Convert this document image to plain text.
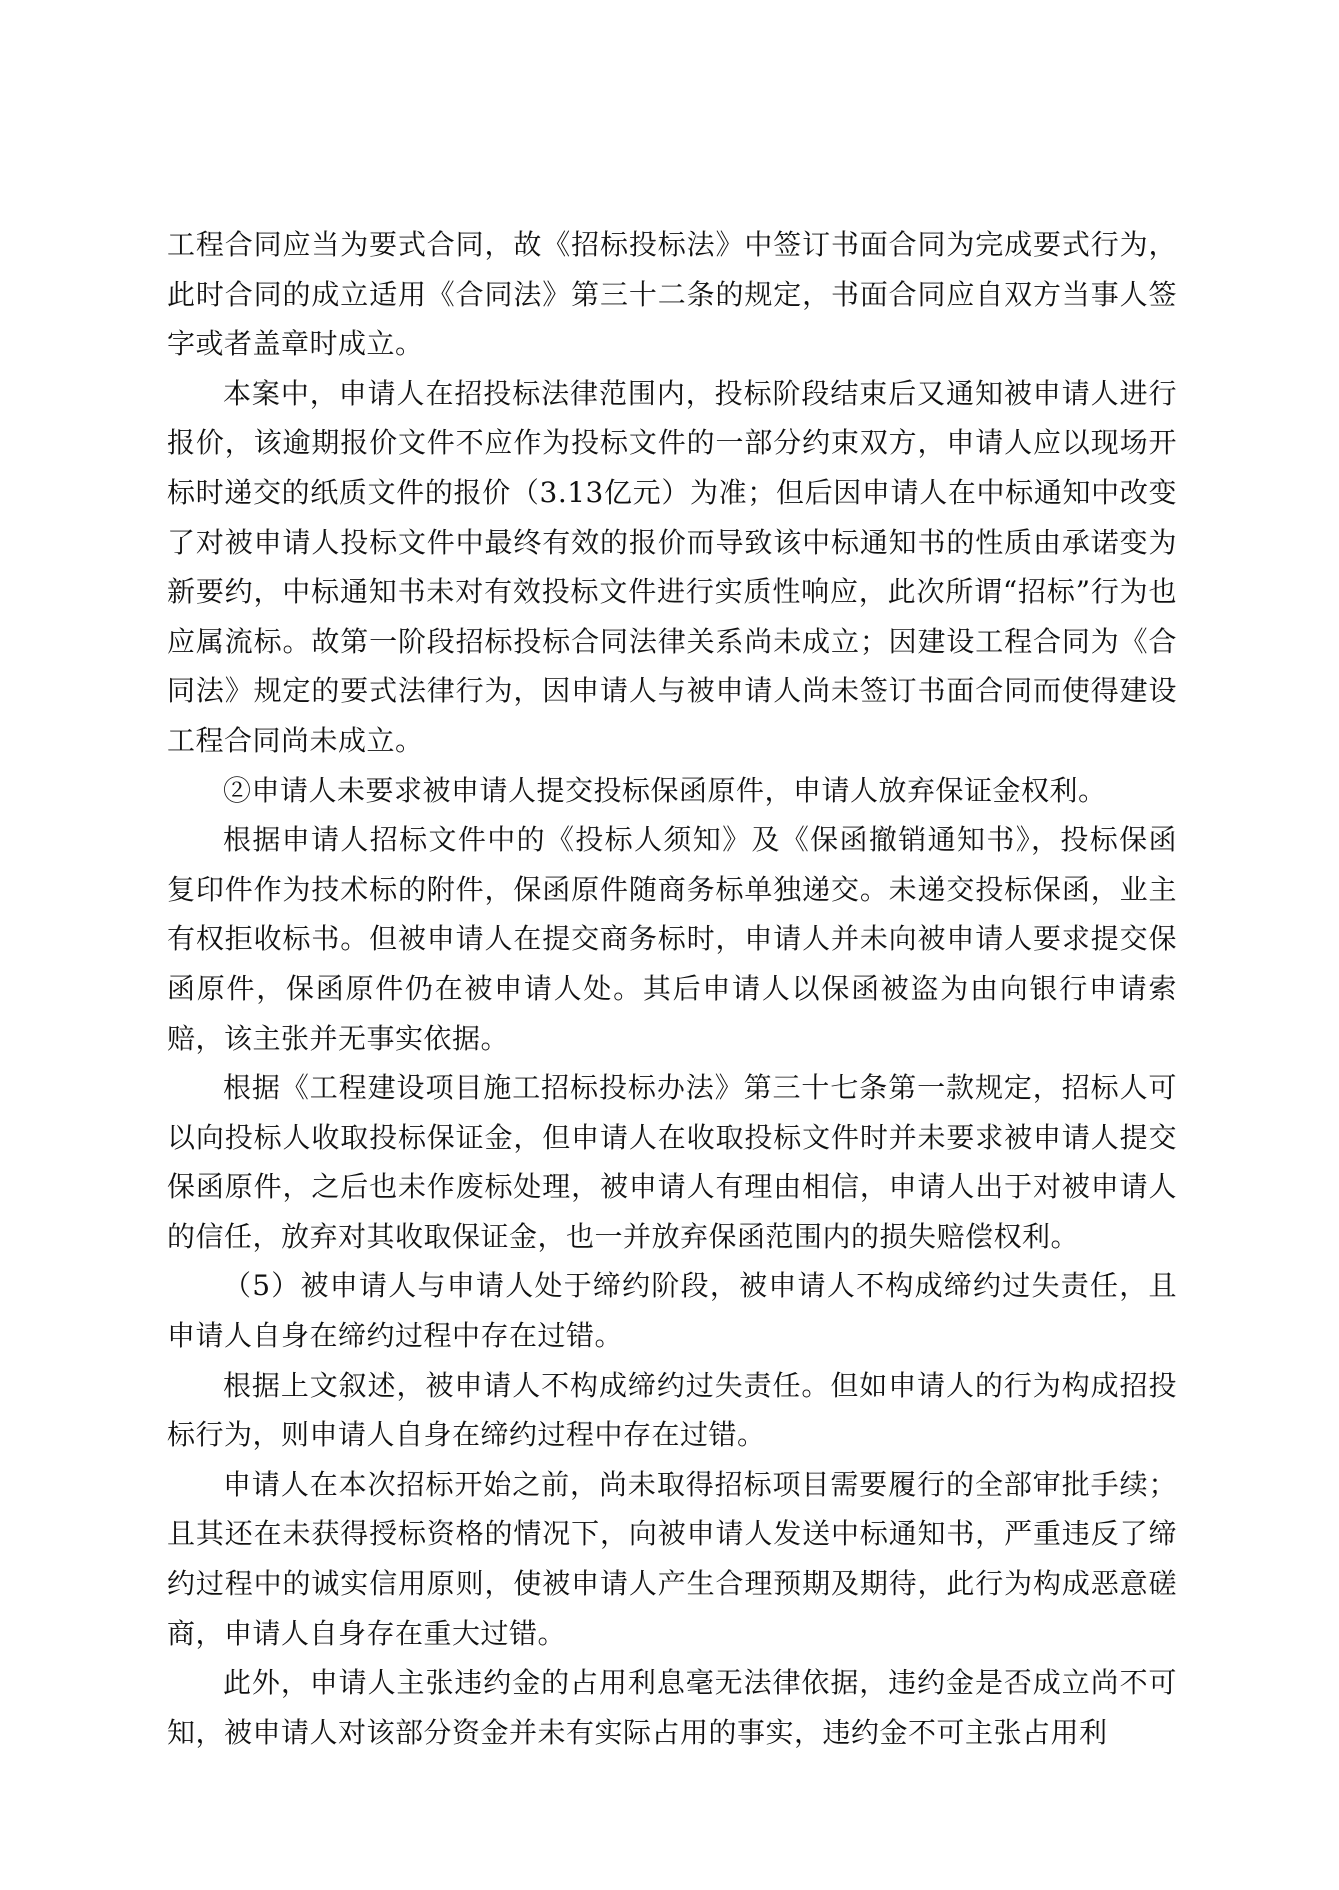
工程合同应当为要式合同，故《招标投标法》中签订书面合同为完成要式行为，此时合同的成立适用《合同法》第三十二条的规定，书面合同应自双方当事人签字或者盖章时成立。

本案中，申请人在招投标法律范围内，投标阶段结束后又通知被申请人进行报价，该逾期报价文件不应作为投标文件的一部分约束双方，申请人应以现场开标时递交的纸质文件的报价（3.13亿元）为准；但后因申请人在中标通知中改变了对被申请人投标文件中最终有效的报价而导致该中标通知书的性质由承诺变为新要约，中标通知书未对有效投标文件进行实质性响应，此次所谓“招标”行为也应属流标。故第一阶段招标投标合同法律关系尚未成立；因建设工程合同为《合同法》规定的要式法律行为，因申请人与被申请人尚未签订书面合同而使得建设工程合同尚未成立。

②申请人未要求被申请人提交投标保函原件，申请人放弃保证金权利。

根据申请人招标文件中的《投标人须知》及《保函撤销通知书》，投标保函复印件作为技术标的附件，保函原件随商务标单独递交。未递交投标保函，业主有权拒收标书。但被申请人在提交商务标时，申请人并未向被申请人要求提交保函原件，保函原件仍在被申请人处。其后申请人以保函被盗为由向银行申请索赔，该主张并无事实依据。

根据《工程建设项目施工招标投标办法》第三十七条第一款规定，招标人可以向投标人收取投标保证金，但申请人在收取投标文件时并未要求被申请人提交保函原件，之后也未作废标处理，被申请人有理由相信，申请人出于对被申请人的信任，放弃对其收取保证金，也一并放弃保函范围内的损失赔偿权利。

（5）被申请人与申请人处于缔约阶段，被申请人不构成缔约过失责任，且申请人自身在缔约过程中存在过错。

根据上文叙述，被申请人不构成缔约过失责任。但如申请人的行为构成招投标行为，则申请人自身在缔约过程中存在过错。

申请人在本次招标开始之前，尚未取得招标项目需要履行的全部审批手续；且其还在未获得授标资格的情况下，向被申请人发送中标通知书，严重违反了缔约过程中的诚实信用原则，使被申请人产生合理预期及期待，此行为构成恶意磋商，申请人自身存在重大过错。

此外，申请人主张违约金的占用利息毫无法律依据，违约金是否成立尚不可知，被申请人对该部分资金并未有实际占用的事实，违约金不可主张占用利
